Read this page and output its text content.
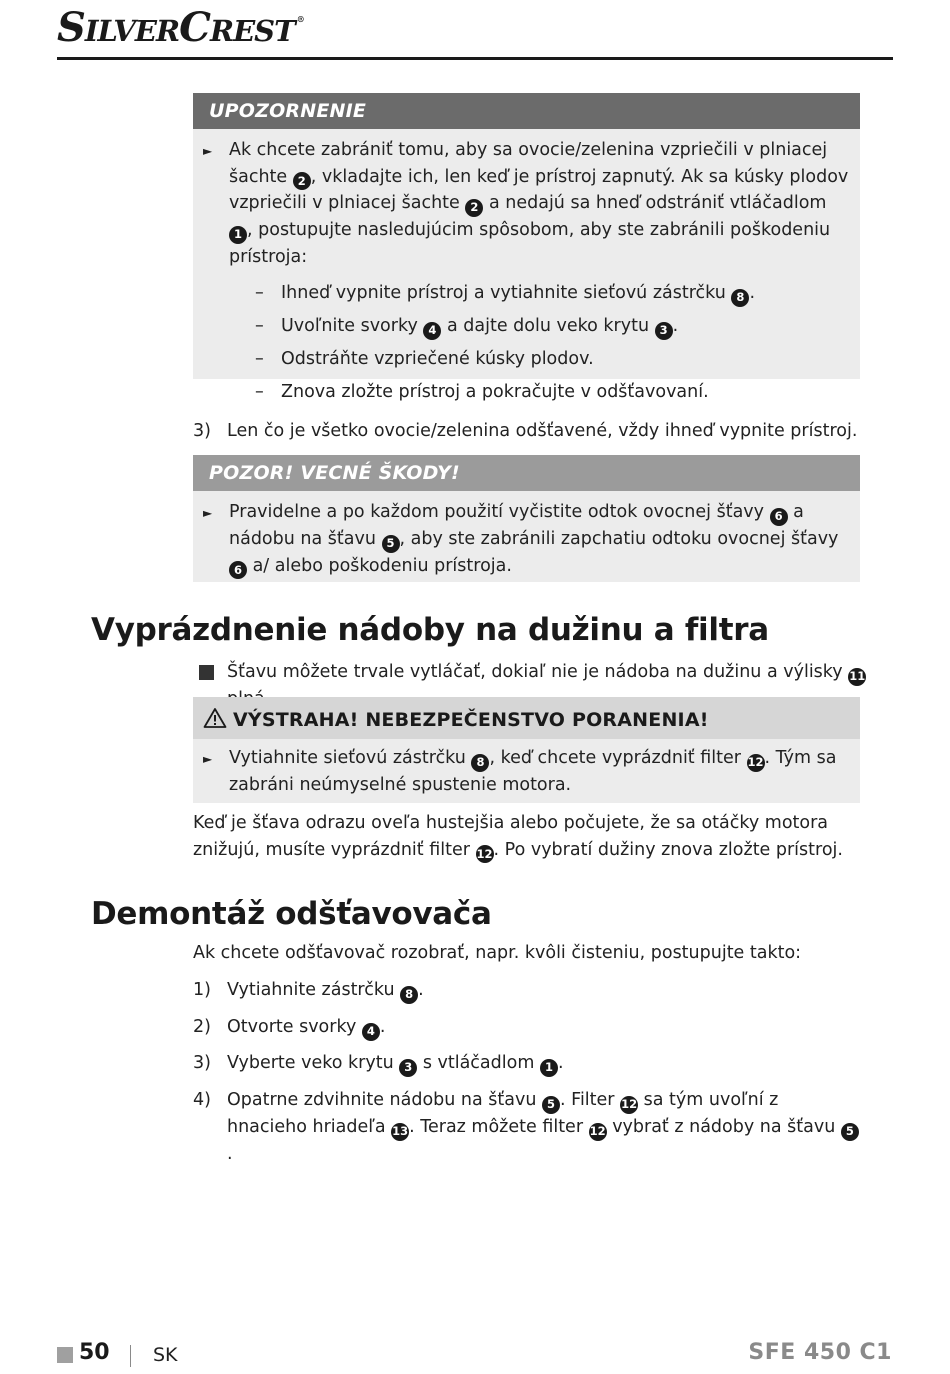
SILVERCREST ®
UPOZORNENIE
► Ak chcete zabrániť tomu, aby sa ovocie/zelenina vzpriečili v plniacej šachte 2 , vkladajte ich, len keď je prístroj zapnutý. Ak sa kúsky plodov vzpriečili v plniacej šachte 2 a nedajú sa hneď odstrániť vtláčadlom 1 , postupujte nasledujúcim spôsobom, aby ste zabránili poškodeniu prístroja:
– Ihneď vypnite prístroj a vytiahnite sieťovú zástrčku 8 .
– Uvoľnite svorky 4 a dajte dolu veko krytu 3 .
– Odstráňte vzpriečené kúsky plodov.
– Znova zložte prístroj a pokračujte v odšťavovaní.
3) Len čo je všetko ovocie/zelenina odšťavené, vždy ihneď vypnite prístroj.
POZOR! VECNÉ ŠKODY!
► Pravidelne a po každom použití vyčistite odtok ovocnej šťavy 6 a nádobu na šťavu 5 , aby ste zabránili zapchatiu odtoku ovocnej šťavy 6 a/ alebo poškodeniu prístroja.
Vyprázdnenie nádoby na dužinu a filtra
Šťavu môžete trvale vytláčať, dokiaľ nie je nádoba na dužinu a výlisky 11
VÝSTRAHA! NEBEZPEČENSTVO PORANENIA!
► Vytiahnite sieťovú zástrčku 8 , keď chcete vyprázdniť filter 12. Tým sa zabráni neúmyselné spustenie motora.
Keď je šťava odrazu oveľa hustejšia alebo počujete, že sa otáčky motora znižujú, musíte vyprázdniť filter 12. Po vybratí dužiny znova zložte prístroj.
Demontáž odšťavovača
Ak chcete odšťavovač rozobrať, napr. kvôli čisteniu, postupujte takto:
1) Vytiahnite zástrčku 8 .
2) Otvorte svorky 4 .
3) Vyberte veko krytu 3 s vtláčadlom 1 .
4) Opatrne zdvihnite nádobu na šťavu 5 . Filter 12 sa tým uvoľní z hnacieho hriadeľa 13. Teraz môžete filter 12 vybrať z nádoby na šťavu 5.
50 SK	SFE 450 C1
